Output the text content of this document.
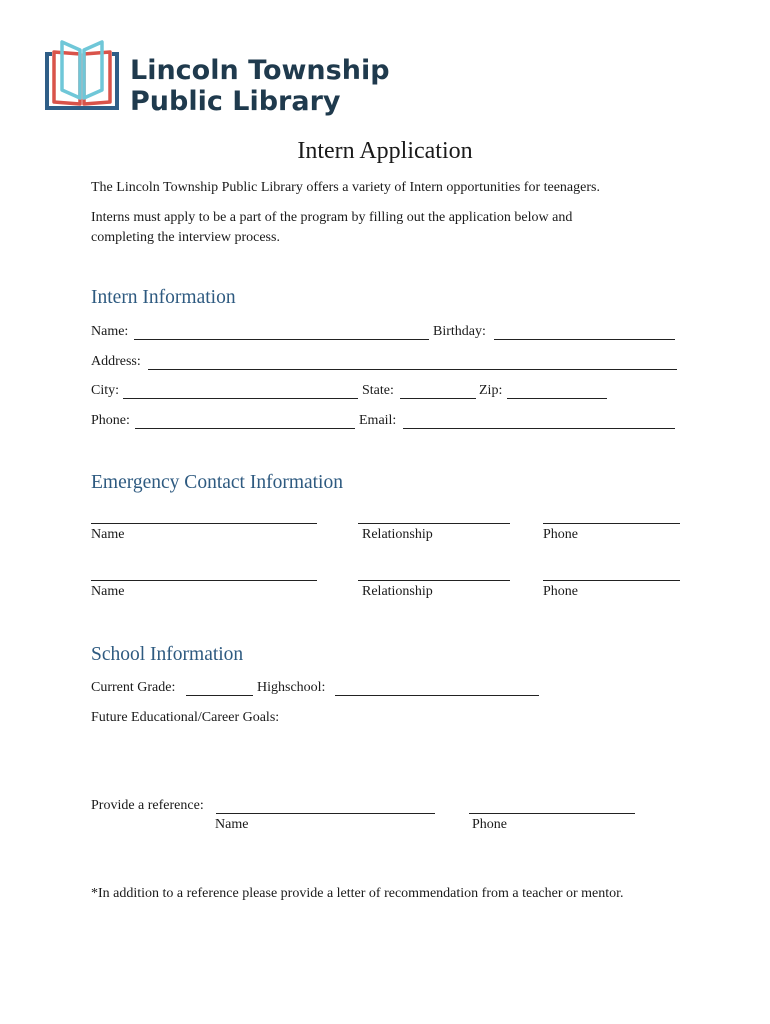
Lincoln Township
Public Library
Intern Application
The Lincoln Township Public Library offers a variety of Intern opportunities for teenagers.
Interns must apply to be a part of the program by filling out the application below and
completing the interview process.
Intern Information
Name:	Birthday:
Address:
City:	State:	Zip:
Phone:	Email:
Emergency Contact Information
Name	Relationship	Phone
Name	Relationship	Phone
School Information
Current Grade:	Highschool:
Future Educational/Career Goals:
Provide a reference:
Name	Phone
*In addition to a reference please provide a letter of recommendation from a teacher or mentor.
